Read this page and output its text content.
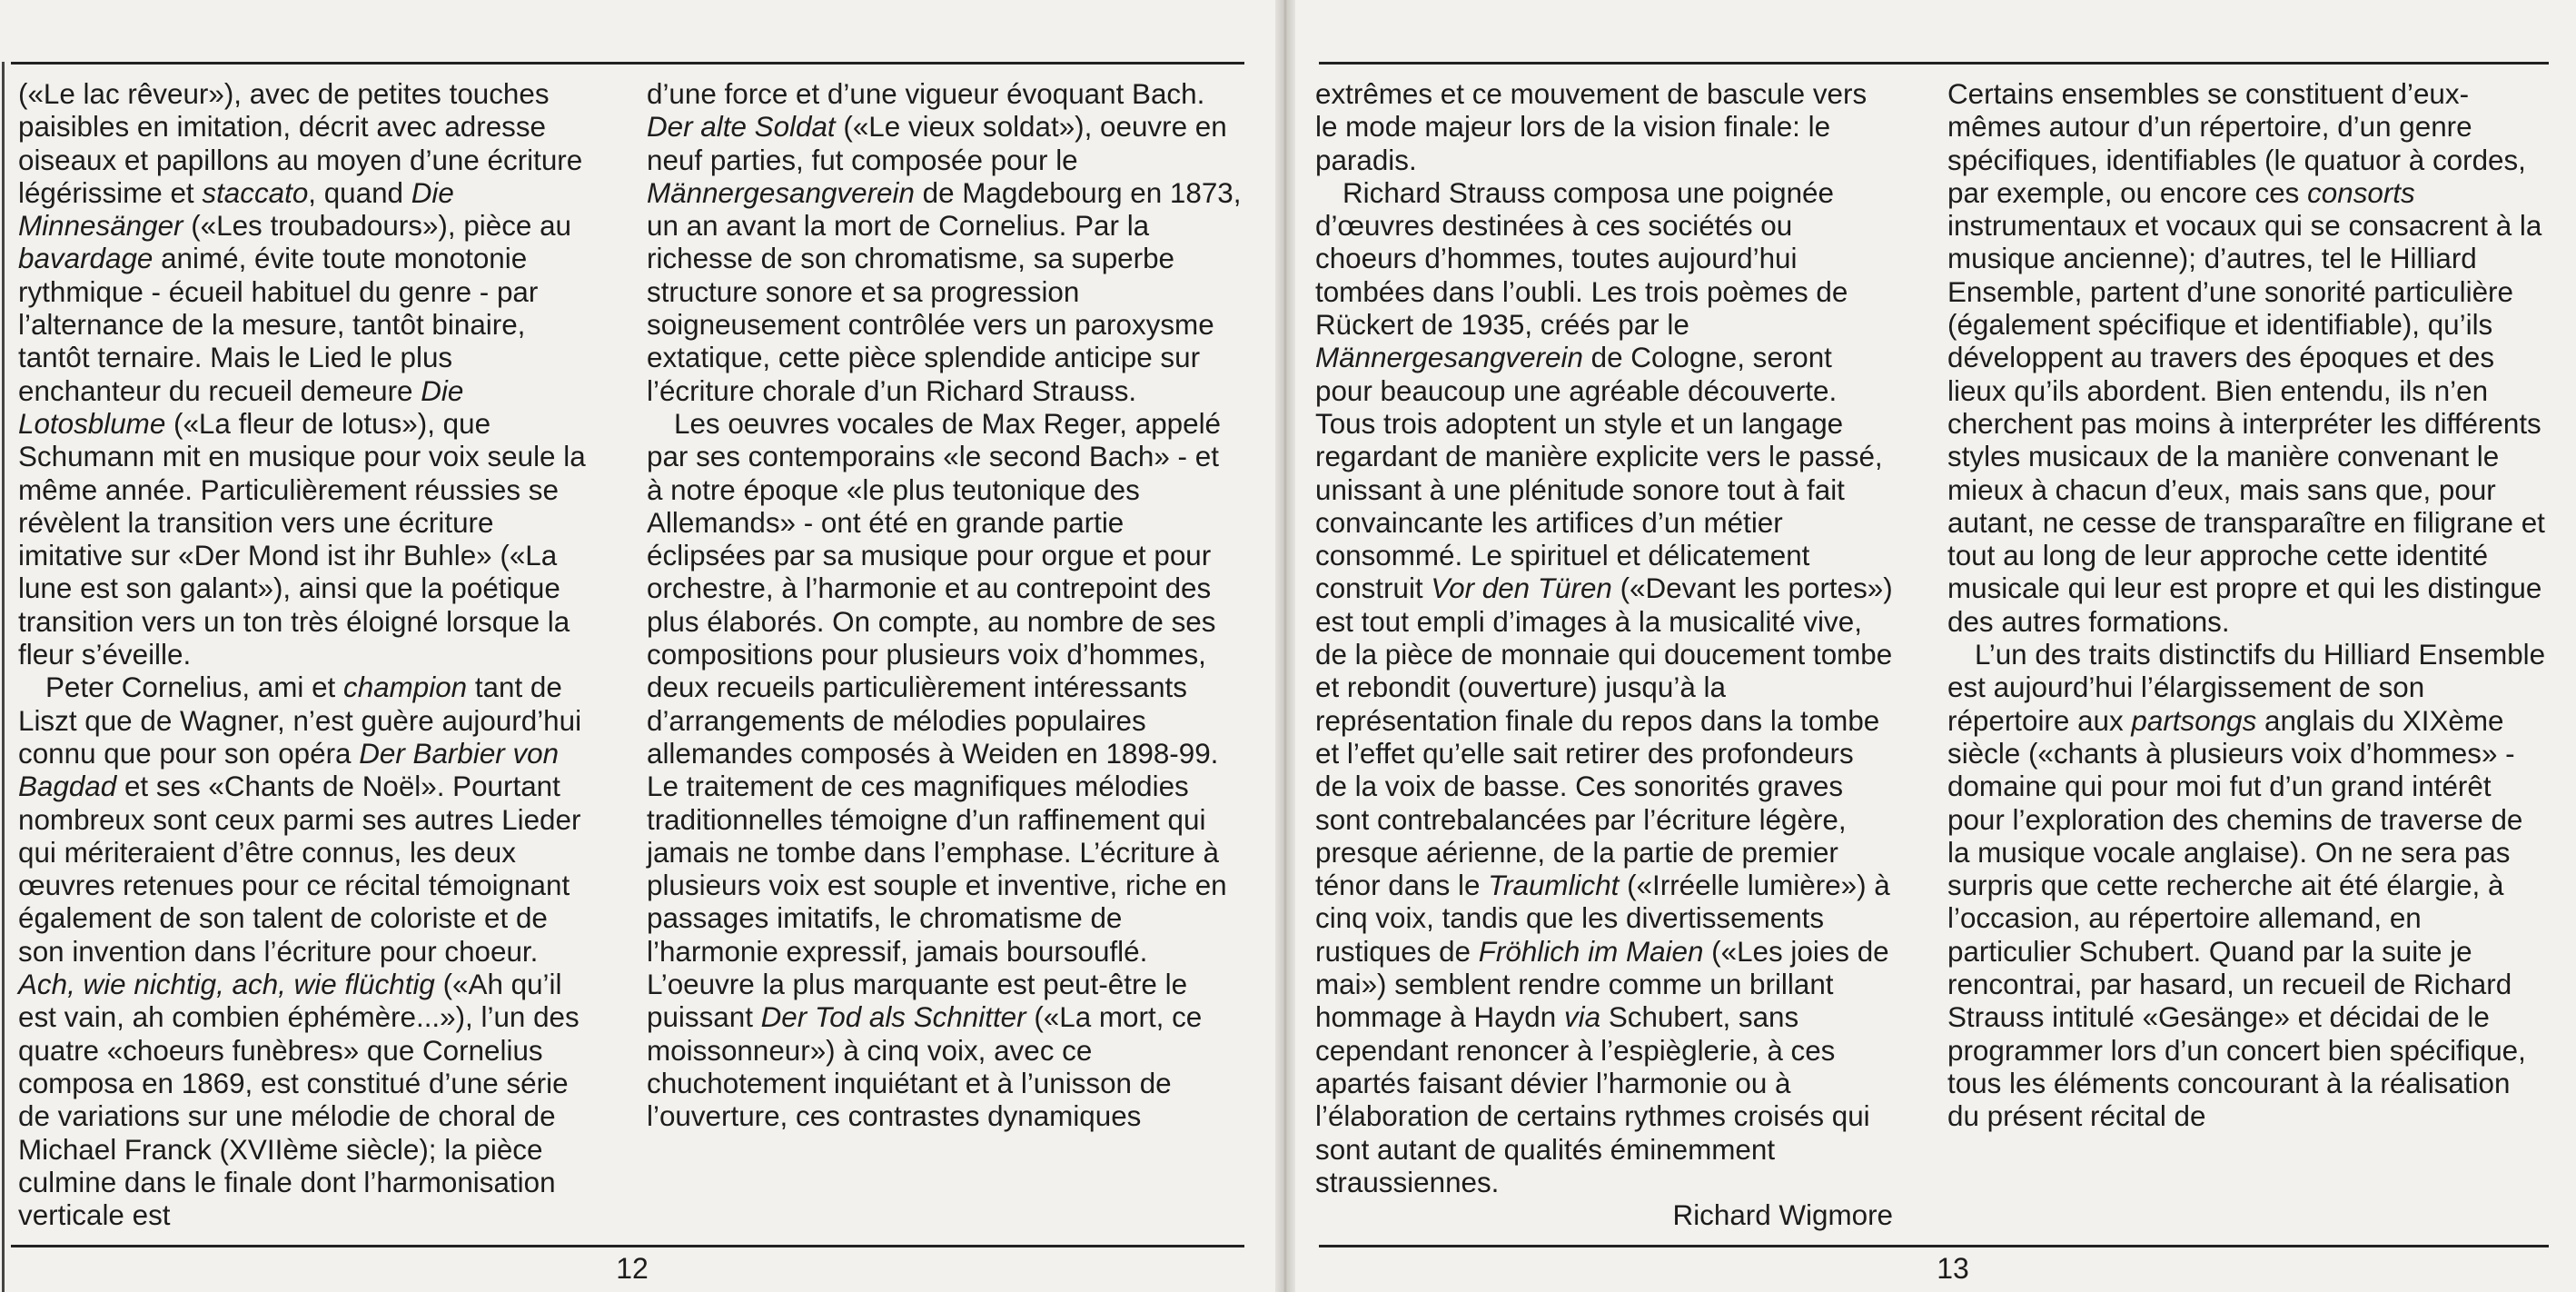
(«Le lac rêveur»), avec de petites touches paisibles en imitation, décrit avec adresse oiseaux et papillons au moyen d’une écriture légérissime et staccato, quand Die Minnesänger («Les troubadours»), pièce au bavardage animé, évite toute monotonie rythmique - écueil habituel du genre - par l’alternance de la mesure, tantôt binaire, tantôt ternaire. Mais le Lied le plus enchanteur du recueil demeure Die Lotosblume («La fleur de lotus»), que Schumann mit en musique pour voix seule la même année. Particulièrement réussies se révèlent la transition vers une écriture imitative sur «Der Mond ist ihr Buhle» («La lune est son galant»), ainsi que la poétique transition vers un ton très éloigné lorsque la fleur s’éveille.

Peter Cornelius, ami et champion tant de Liszt que de Wagner, n’est guère aujourd’hui connu que pour son opéra Der Barbier von Bagdad et ses «Chants de Noël». Pourtant nombreux sont ceux parmi ses autres Lieder qui mériteraient d’être connus, les deux œuvres retenues pour ce récital témoignant également de son talent de coloriste et de son invention dans l’écriture pour choeur. Ach, wie nichtig, ach, wie flüchtig («Ah qu’il est vain, ah combien éphémère...»), l’un des quatre «choeurs funèbres» que Cornelius composa en 1869, est constitué d’une série de variations sur une mélodie de choral de Michael Franck (XVIIème siècle); la pièce culmine dans le finale dont l’harmonisation verticale est

d’une force et d’une vigueur évoquant Bach. Der alte Soldat («Le vieux soldat»), oeuvre en neuf parties, fut composée pour le Männergesangverein de Magdebourg en 1873, un an avant la mort de Cornelius. Par la richesse de son chromatisme, sa superbe structure sonore et sa progression soigneusement contrôlée vers un paroxysme extatique, cette pièce splendide anticipe sur l’écriture chorale d’un Richard Strauss.

Les oeuvres vocales de Max Reger, appelé par ses contemporains «le second Bach» - et à notre époque «le plus teutonique des Allemands» - ont été en grande partie éclipsées par sa musique pour orgue et pour orchestre, à l’harmonie et au contrepoint des plus élaborés. On compte, au nombre de ses compositions pour plusieurs voix d’hommes, deux recueils particulièrement intéressants d’arrangements de mélodies populaires allemandes composés à Weiden en 1898-99. Le traitement de ces magnifiques mélodies traditionnelles témoigne d’un raffinement qui jamais ne tombe dans l’emphase. L’écriture à plusieurs voix est souple et inventive, riche en passages imitatifs, le chromatisme de l’harmonie expressif, jamais boursouflé. L’oeuvre la plus marquante est peut-être le puissant Der Tod als Schnitter («La mort, ce moissonneur») à cinq voix, avec ce chuchotement inquiétant et à l’unisson de l’ouverture, ces contrastes dynamiques

extrêmes et ce mouvement de bascule vers le mode majeur lors de la vision finale: le paradis.

Richard Strauss composa une poignée d’œuvres destinées à ces sociétés ou choeurs d’hommes, toutes aujourd’hui tombées dans l’oubli. Les trois poèmes de Rückert de 1935, créés par le Männergesangverein de Cologne, seront pour beaucoup une agréable découverte. Tous trois adoptent un style et un langage regardant de manière explicite vers le passé, unissant à une plénitude sonore tout à fait convaincante les artifices d’un métier consommé. Le spirituel et délicatement construit Vor den Türen («Devant les portes») est tout empli d’images à la musicalité vive, de la pièce de monnaie qui doucement tombe et rebondit (ouverture) jusqu’à la représentation finale du repos dans la tombe et l’effet qu’elle sait retirer des profondeurs de la voix de basse. Ces sonorités graves sont contrebalancées par l’écriture légère, presque aérienne, de la partie de premier ténor dans le Traumlicht («Irréelle lumière») à cinq voix, tandis que les divertissements rustiques de Fröhlich im Maien («Les joies de mai») semblent rendre comme un brillant hommage à Haydn via Schubert, sans cependant renoncer à l’espièglerie, à ces apartés faisant dévier l’harmonie ou à l’élaboration de certains rythmes croisés qui sont autant de qualités éminemment straussiennes.

Richard Wigmore

Certains ensembles se constituent d’eux-mêmes autour d’un répertoire, d’un genre spécifiques, identifiables (le quatuor à cordes, par exemple, ou encore ces consorts instrumentaux et vocaux qui se consacrent à la musique ancienne); d’autres, tel le Hilliard Ensemble, partent d’une sonorité particulière (également spécifique et identifiable), qu’ils développent au travers des époques et des lieux qu’ils abordent. Bien entendu, ils n’en cherchent pas moins à interpréter les différents styles musicaux de la manière convenant le mieux à chacun d’eux, mais sans que, pour autant, ne cesse de transparaître en filigrane et tout au long de leur approche cette identité musicale qui leur est propre et qui les distingue des autres formations.

L’un des traits distinctifs du Hilliard Ensemble est aujourd’hui l’élargissement de son répertoire aux partsongs anglais du XIXème siècle («chants à plusieurs voix d’hommes» - domaine qui pour moi fut d’un grand intérêt pour l’exploration des chemins de traverse de la musique vocale anglaise). On ne sera pas surpris que cette recherche ait été élargie, à l’occasion, au répertoire allemand, en particulier Schubert. Quand par la suite je rencontrai, par hasard, un recueil de Richard Strauss intitulé «Gesänge» et décidai de le programmer lors d’un concert bien spécifique, tous les éléments concourant à la réalisation du présent récital de

12	13
